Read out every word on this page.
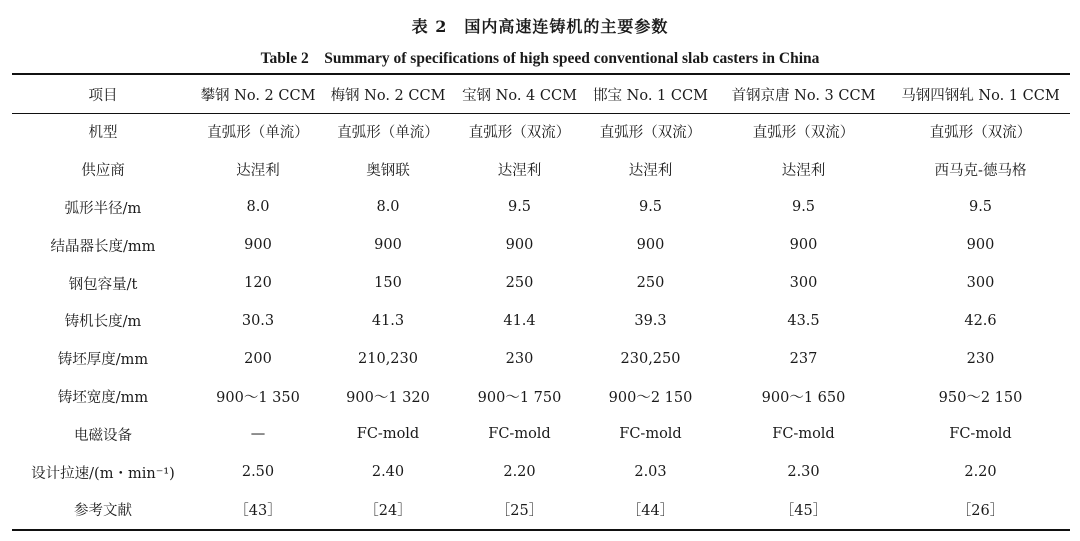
表 2　国内高速连铸机的主要参数
Table 2　Summary of specifications of high speed conventional slab casters in China
项目	攀钢 No. 2 CCM	梅钢 No. 2 CCM	宝钢 No. 4 CCM	邯宝 No. 1 CCM	首钢京唐 No. 3 CCM	马钢四钢轧 No. 1 CCM
机型	直弧形（单流）	直弧形（单流）	直弧形（双流）	直弧形（双流）	直弧形（双流）	直弧形（双流）
供应商	达涅利	奥钢联	达涅利	达涅利	达涅利	西马克-德马格
弧形半径/m	8.0	8.0	9.5	9.5	9.5	9.5
结晶器长度/mm	900	900	900	900	900	900
钢包容量/t	120	150	250	250	300	300
铸机长度/m	30.3	41.3	41.4	39.3	43.5	42.6
铸坯厚度/mm	200	210,230	230	230,250	237	230
铸坯宽度/mm	900～1 350	900～1 320	900～1 750	900～2 150	900～1 650	950～2 150
电磁设备	—	FC-mold	FC-mold	FC-mold	FC-mold	FC-mold
设计拉速/(m・min⁻¹)	2.50	2.40	2.20	2.03	2.30	2.20
参考文献	［43］	［24］	［25］	［44］	［45］	［26］
